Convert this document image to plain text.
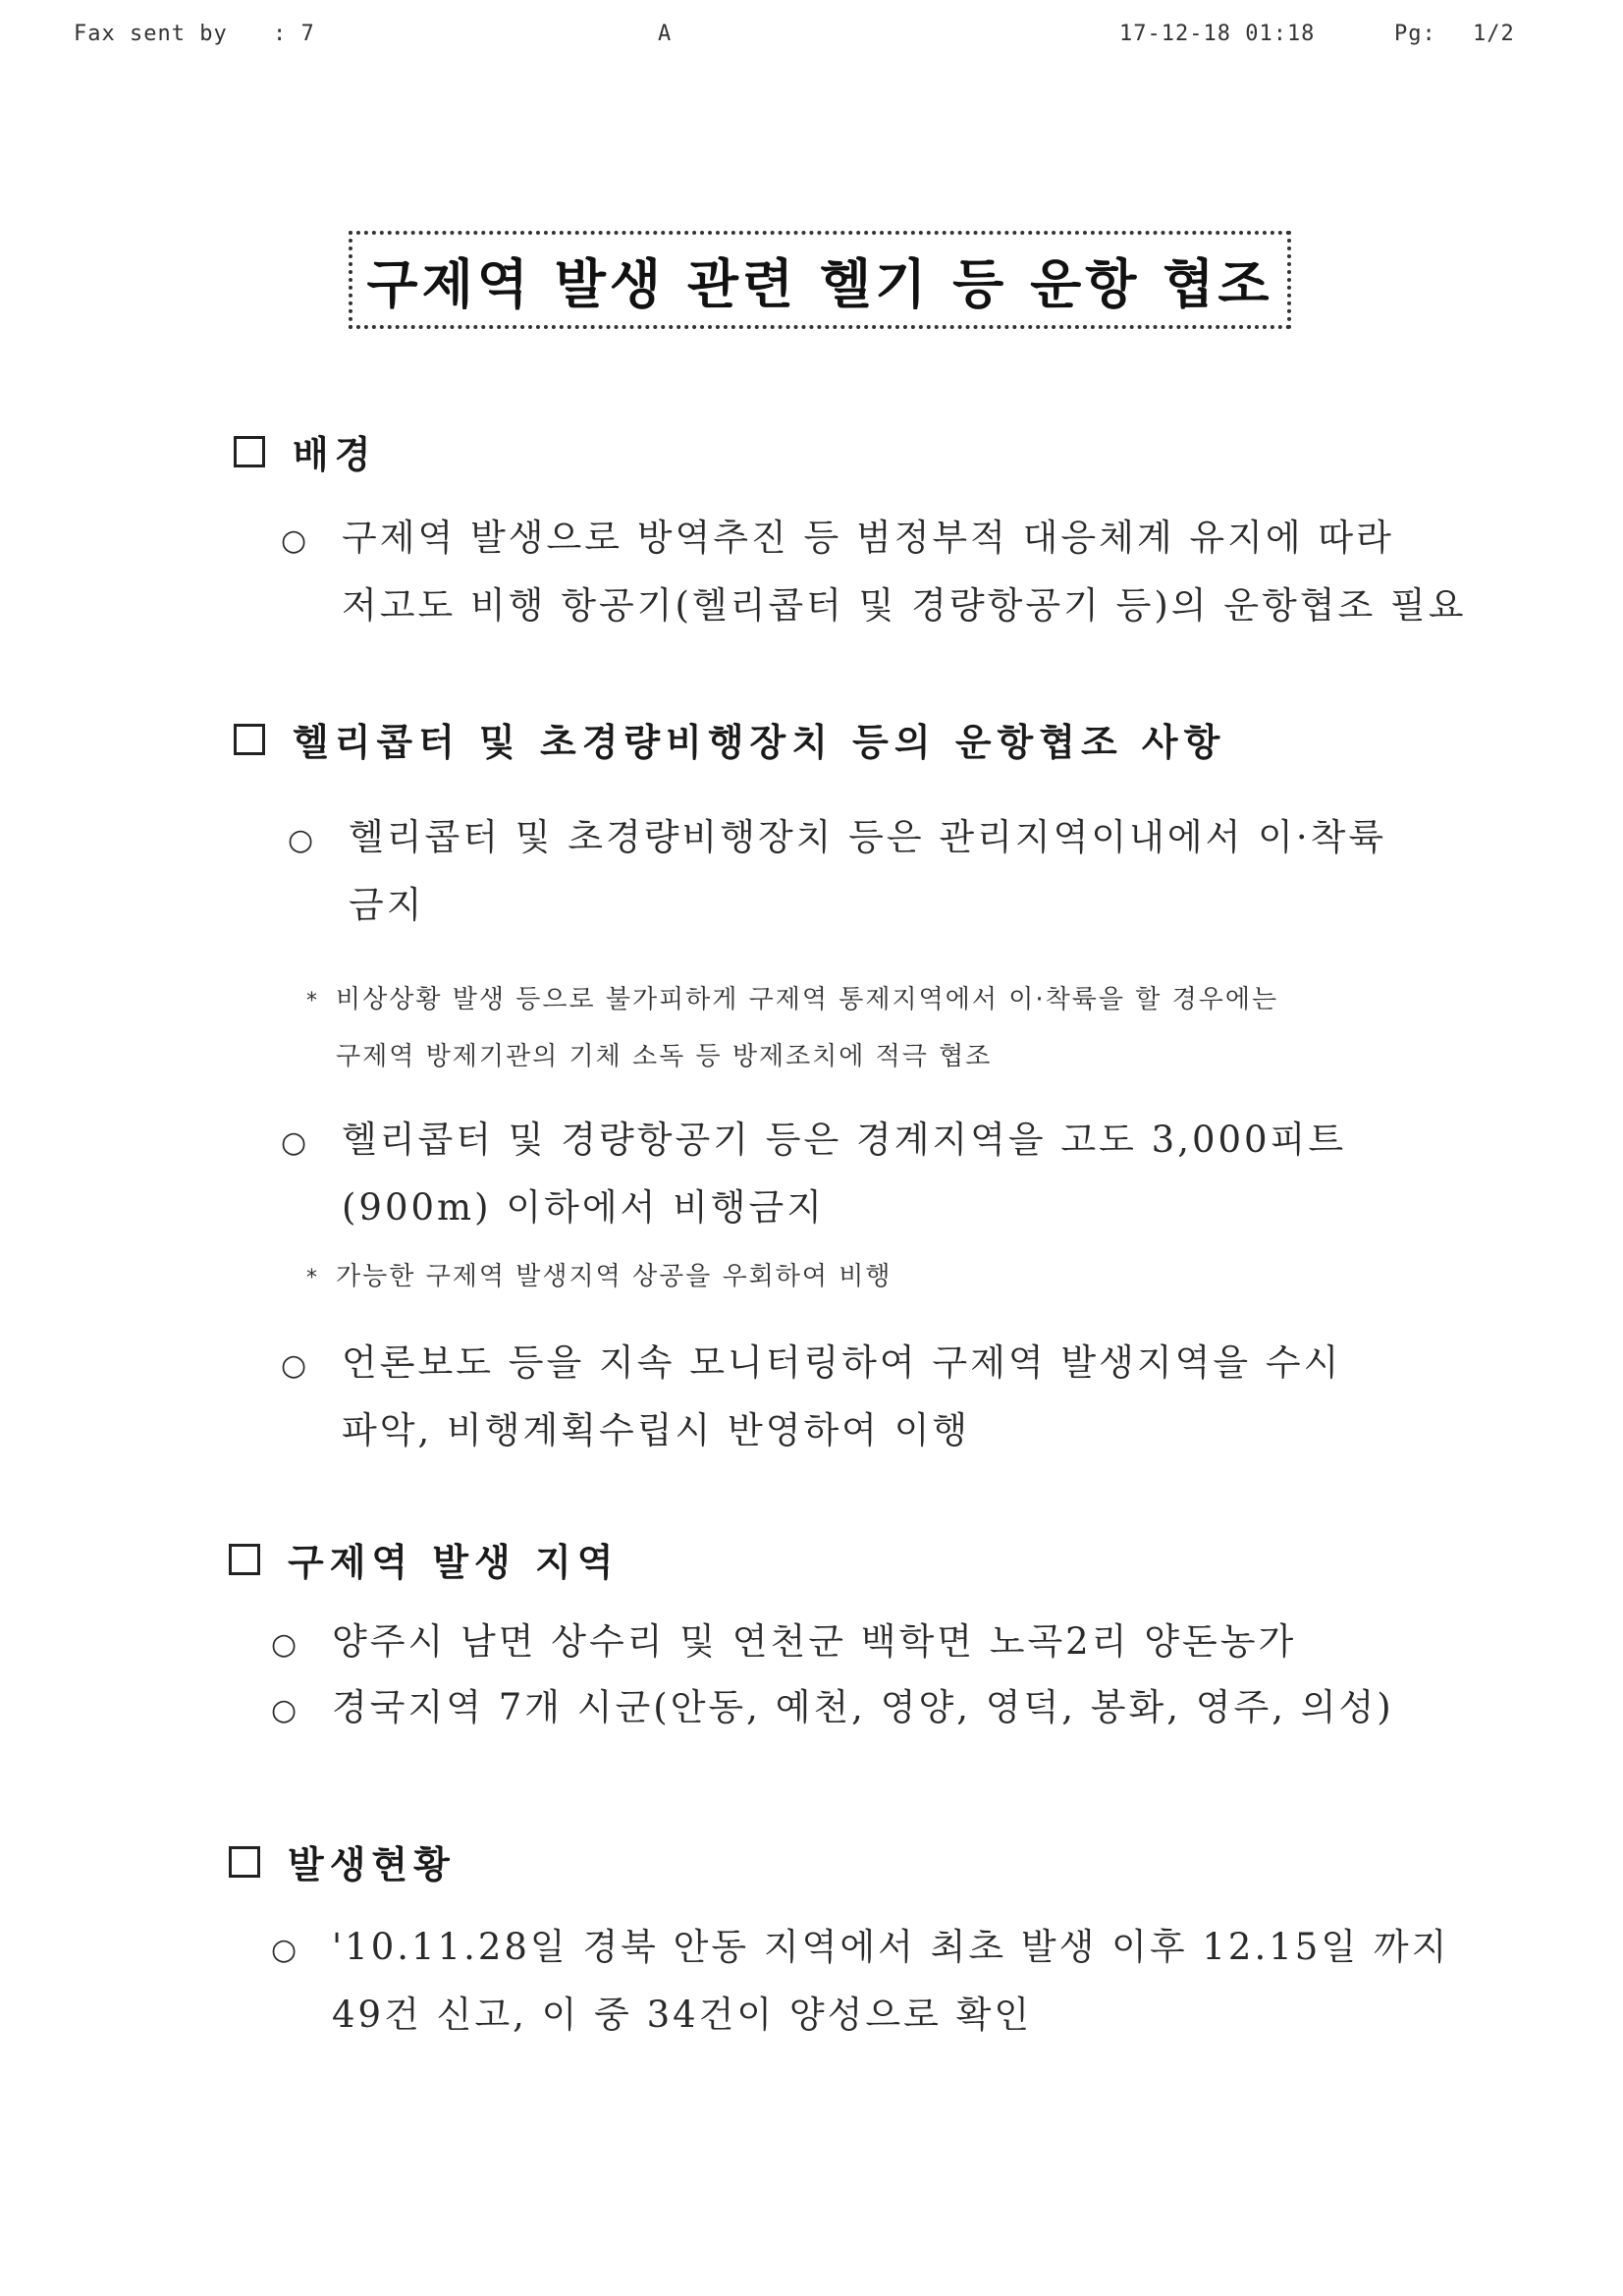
Fax sent by : 7	A	17-12-18 01:18	Pg: 1/2
구제역 발생 관련 헬기 등 운항 협조
배경
○ 구제역 발생으로 방역추진 등 범정부적 대응체계 유지에 따라
저고도 비행 항공기(헬리콥터 및 경량항공기 등)의 운항협조 필요
헬리콥터 및 초경량비행장치 등의 운항협조 사항
○ 헬리콥터 및 초경량비행장치 등은 관리지역이내에서 이·착륙
금지
* 비상상황 발생 등으로 불가피하게 구제역 통제지역에서 이·착륙을 할 경우에는
구제역 방제기관의 기체 소독 등 방제조치에 적극 협조
○ 헬리콥터 및 경량항공기 등은 경계지역을 고도 3,000피트
(900m) 이하에서 비행금지
* 가능한 구제역 발생지역 상공을 우회하여 비행
○ 언론보도 등을 지속 모니터링하여 구제역 발생지역을 수시
파악, 비행계획수립시 반영하여 이행
구제역 발생 지역
○ 양주시 남면 상수리 및 연천군 백학면 노곡2리 양돈농가
○ 경국지역 7개 시군(안동, 예천, 영양, 영덕, 봉화, 영주, 의성)
발생현황
○ '10.11.28일 경북 안동 지역에서 최초 발생 이후 12.15일 까지
49건 신고, 이 중 34건이 양성으로 확인
